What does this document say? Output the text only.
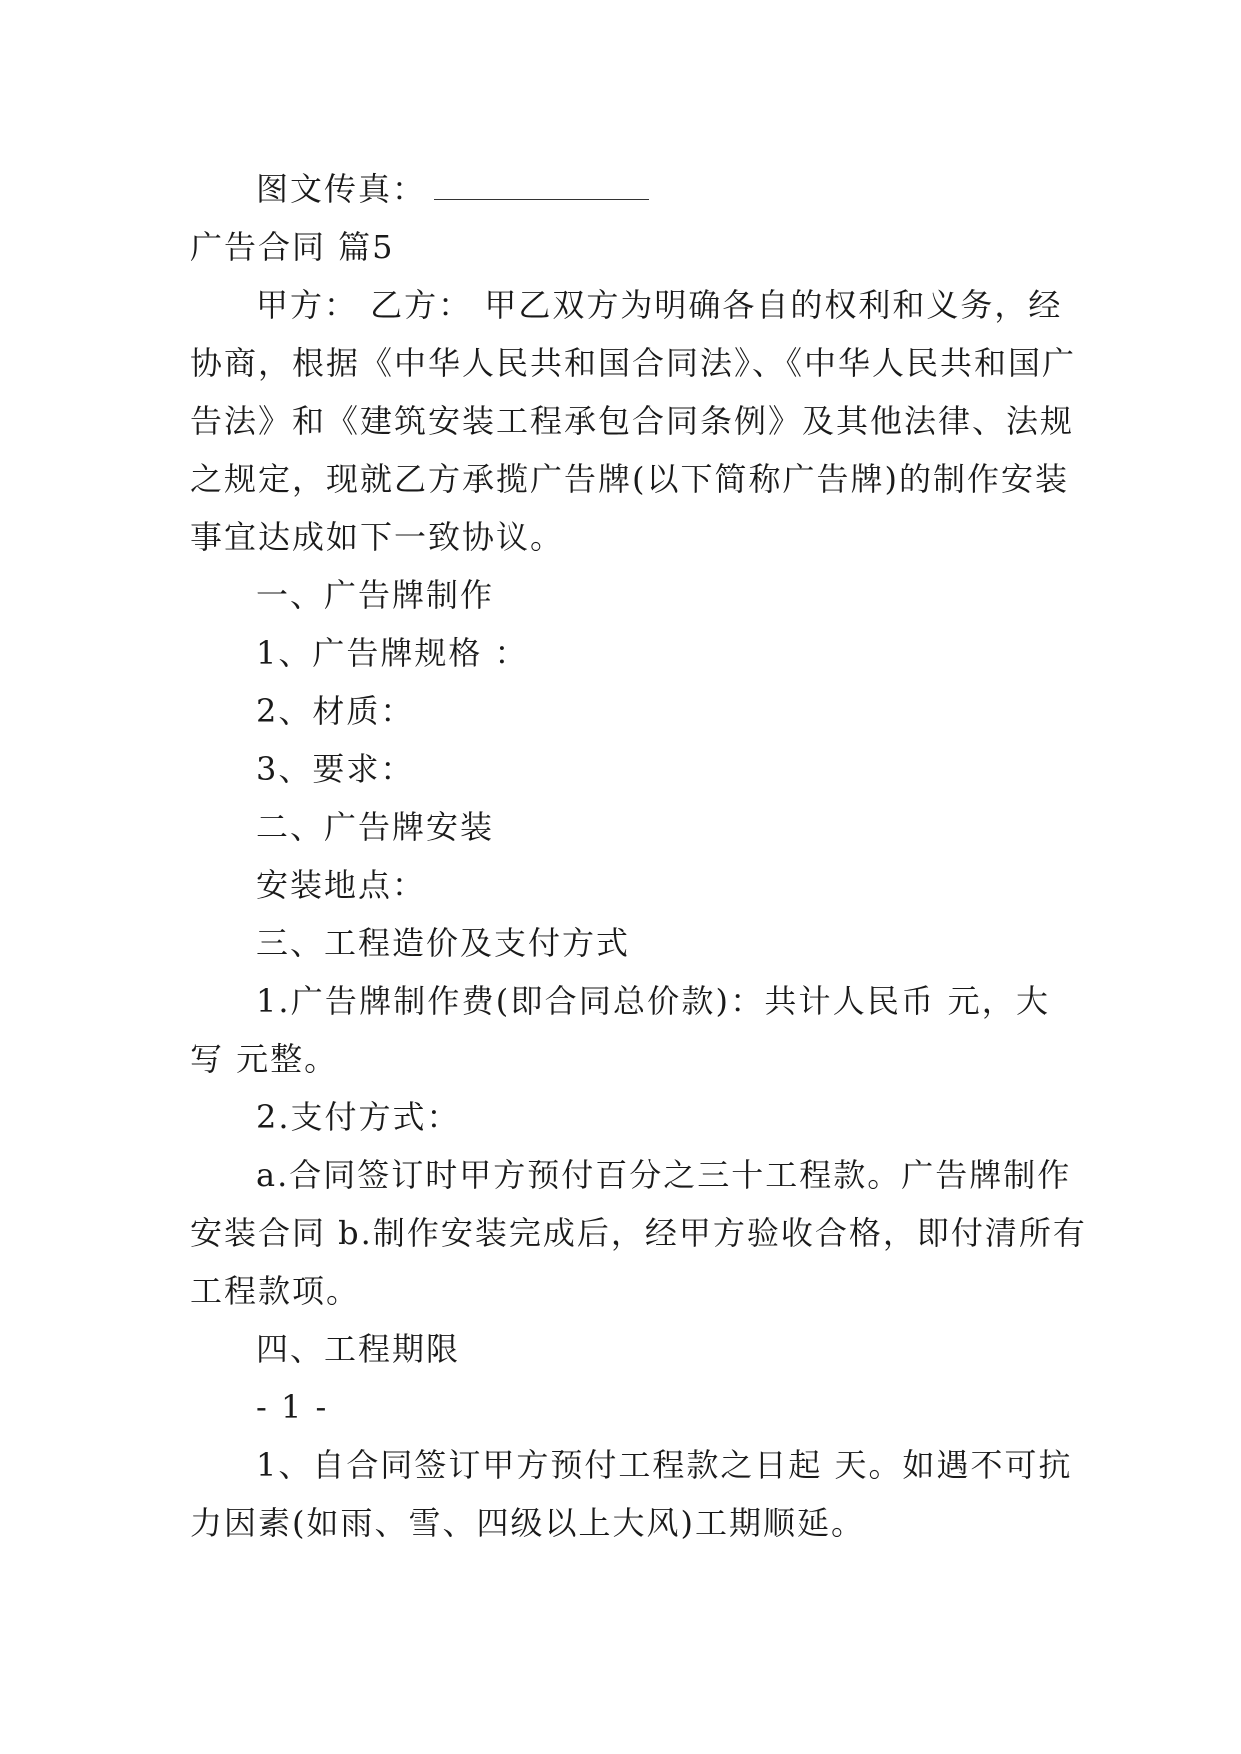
图文传真：
广告合同 篇5
甲方： 乙方： 甲乙双方为明确各自的权利和义务，经
协商，根据《中华人民共和国合同法》、《中华人民共和国广
告法》和《建筑安装工程承包合同条例》及其他法律、法规
之规定，现就乙方承揽广告牌(以下简称广告牌)的制作安装
事宜达成如下一致协议。
一、广告牌制作
1、广告牌规格 ：
2、材质：
3、要求：
二、广告牌安装
安装地点：
三、工程造价及支付方式
1.广告牌制作费(即合同总价款)：共计人民币 元，大
写 元整。
2.支付方式：
a.合同签订时甲方预付百分之三十工程款。广告牌制作
安装合同 b.制作安装完成后，经甲方验收合格，即付清所有
工程款项。
四、工程期限
- 1 -
1、自合同签订甲方预付工程款之日起 天。如遇不可抗
力因素(如雨、雪、四级以上大风)工期顺延。
